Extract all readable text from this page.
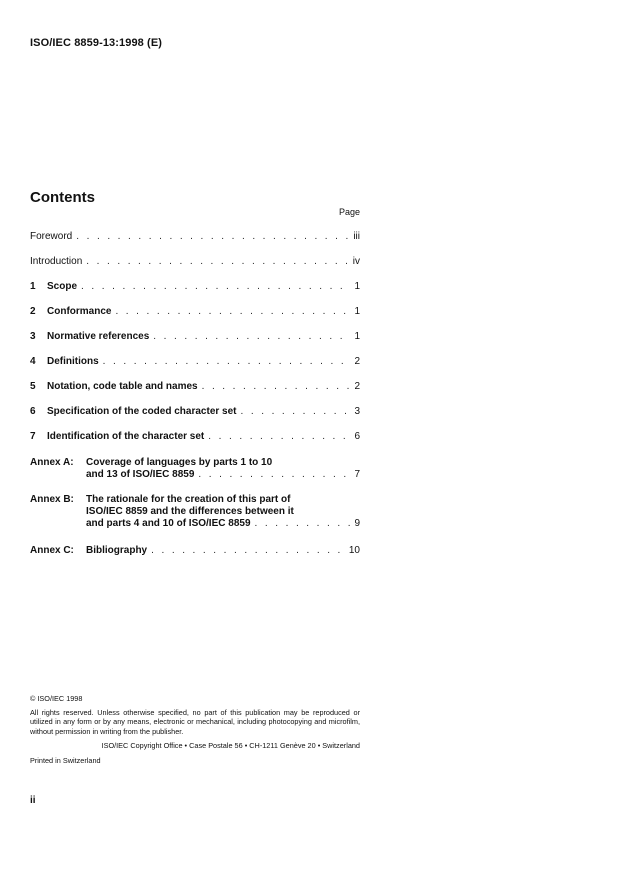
ISO/IEC 8859-13:1998 (E)
Contents
Page
Foreword . . .	iii
Introduction . . .	iv
1	Scope . . .	1
2	Conformance . . .	1
3	Normative references . . .	1
4	Definitions . . .	2
5	Notation, code table and names . . .	2
6	Specification of the coded character set . . .	3
7	Identification of the character set . . .	6
Annex A:	Coverage of languages by parts 1 to 10
and 13 of ISO/IEC 8859 . . .	7
Annex B:	The rationale for the creation of this part of
ISO/IEC 8859 and the differences between it
and parts 4 and 10 of ISO/IEC 8859 . . .	9
Annex C:	Bibliography . . .	10
© ISO/IEC 1998
All rights reserved. Unless otherwise specified, no part of this publication may be reproduced or utilized in any form or by any means, electronic or mechanical, including photocopying and microfilm, without permission in writing from the publisher.
ISO/IEC Copyright Office • Case Postale 56 • CH-1211 Genève 20 • Switzerland
Printed in Switzerland
ii
